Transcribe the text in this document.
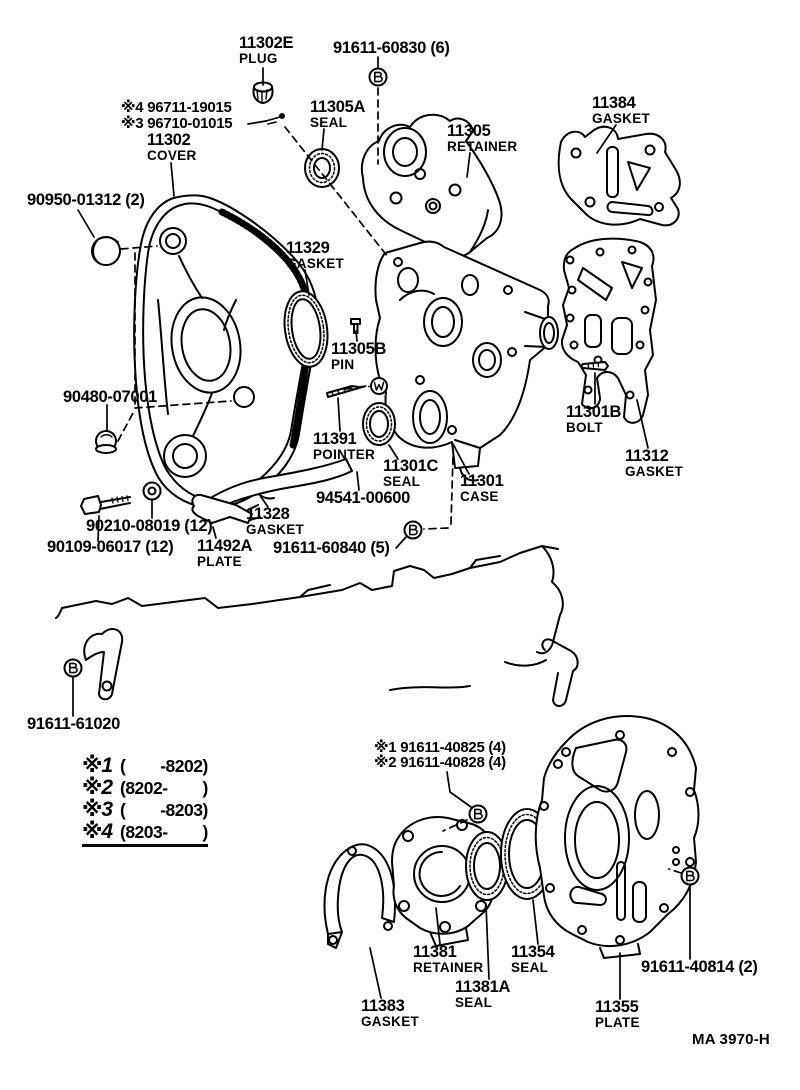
11302E
PLUG
91611-60830 (6)
※4 96711-19015
※3 96710-01015
11302
COVER
11305A
SEAL	11305
RETAINER
11384
GASKET
90950-01312 (2)
11329
GASKET
11305B
PIN
90480-07001
11391
POINTER
11301C
SEAL
94541-00600
11301
CASE
11301B
BOLT
11312
GASKET
90210-08019 (12)
90109-06017 (12)
11328
GASKET
11492A
PLATE
91611-60840 (5)
91611-61020
※1 91611-40825 (4)
※2 91611-40828 (4)
11381
RETAINER
11354
SEAL
11381A
SEAL
11383
GASKET
91611-40814 (2)
11355
PLATE
※1 (        -8202)
※2 (8202-        )
※3 (        -8203)
※4 (8203-        )
MA 3970-H
